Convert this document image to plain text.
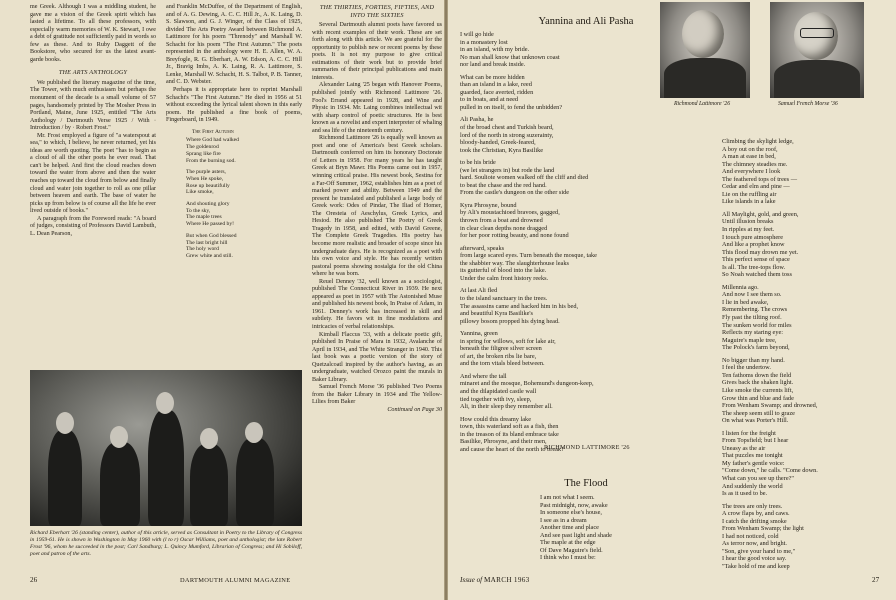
me Greek. Although I was a middling student, he gave me a vision of the Greek spirit which has lasted a lifetime. To all these professors, with especially warm memories of W. K. Stewart, I owe a debt of gratitude not sufficiently paid in words so few as these. And to Ruby Daggett of the Bookstore, who secured for us the latest avant-garde books.

THE ARTS ANTHOLOGY

We published the literary magazine of the time, The Tower, with much enthusiasm but perhaps the monument of the decade is a small volume of 57 pages, handsomely printed by The Mosher Press in Portland, Maine, June 1925, entitled "The Arts Anthology / Dartmouth Verse 1925 / With · Introduction / by · Robert Frost."

Mr. Frost employed a figure of "a waterspout at sea," to which, I believe, he never returned, yet his ideas are worth quoting. The poet "has to begin as a cloud of all the other poets he ever read. That can't be helped. And first the cloud reaches down toward the water from above and then the water reaches up toward the cloud from below and finally cloud and water join together to roll as one pillar between heaven and earth. The base of water he picks up from below is of course all the life he ever lived outside of books."

A paragraph from the Foreword reads: "A board of judges, consisting of Professors David Lambuth, L. Dean Pearson,

and Franklin McDuffee, of the Department of English, and of A. G. Dewing, A. C. C. Hill Jr., A. K. Laing, D. S. Slawson, and G. J. Winger, of the Class of 1925, divided The Arts Poetry Award between Richmond A. Lattimore for his poem "Threnody" and Marshall W. Schacht for his poem "The First Autumn." The poets represented in the anthology were H. E. Allen, W. A. Breyfogle, R. G. Eberhart, A. W. Edson, A. C. C. Hill Jr., Bravig Imbs, A. K. Laing, R. A. Lattimore, S. Lenke, Marshall W. Schacht, H. S. Talbot, P. B. Tanner, and C. D. Webster.

Perhaps it is appropriate here to reprint Marshall Schacht's "The First Autumn." He died in 1956 at 51 without exceeding the lyrical talent shown in this early poem. He published a fine book of poems, Fingerboard, in 1949.

The First Autumn
Where God had walked
The goldenrod
Sprang like fire
From the burning sod.
The purple asters,
When He spoke,
Rose up beautifully
Like smoke,
And shouting glory
To the sky,
The maple trees
Where He passed by!
But when God blessed
The last bright hill
The holy word
Grew white and still.

THE THIRTIES, FORTIES, FIFTIES, AND INTO THE SIXTIES

Several Dartmouth alumni poets have favored us with recent examples of their work. These are set forth along with this article. We are grateful for the opportunity to publish new or recent poems by these poets. It is not my purpose to give critical estimations of their work but to provide brief summaries of their principal publications and main interests.

Alexander Laing '25 began with Hanover Poems, published jointly with Richmond Lattimore '26. Fool's Errand appeared in 1928, and Wine and Physic in 1934. Mr. Laing combines intellectual wit with sharp control of poetic structures. He is best known as a novelist and expert interpreter of whaling and sea life of the nineteenth century.

Richmond Lattimore '26 is equally well known as poet and one of America's best Greek scholars. Dartmouth conferred on him its honorary Doctorate of Letters in 1958. For many years he has taught Greek at Bryn Mawr. His Poems came out in 1957, winning critical praise. His newest book, Sestina for a Far-Off Summer, 1962, establishes him as a poet of marked power and ability. Between 1949 and the present he translated and published a large body of Greek work: Odes of Pindar, The Iliad of Homer, The Oresteia of Aeschylus, Greek Lyrics, and Hesiod. He also published The Poetry of Greek Tragedy in 1958, and edited, with David Greene, The Complete Greek Tragedies. His poetry has become more realistic and broader of scope since his undergraduate days. He is recognized as a poet with his own voice and style. He has recently written pastoral poems showing nostalgia for the old China where he was born.

Reuel Denney '32, well known as a sociologist, published The Connecticut River in 1939. He next appeared as poet in 1957 with The Astonished Muse and published his newest book, In Praise of Adam, in 1961. Denney's work has increased in skill and subtlety. He favors wit in fine modulations and intricacies of verbal relationships.

Kimball Flaccus '33, with a delicate poetic gift, published In Praise of Mara in 1932, Avalanche of April in 1934, and The White Stranger in 1940. This last book was a poetic version of the story of Quetzalcoatl inspired by the author's having, as an undergraduate, watched Orozco paint the murals in Baker Library.

Samuel French Morse '36 published Two Poems from the Baker Library in 1934 and The Yellow-Lilies from Baker

Continued on Page 30

Richard Eberhart '26 (standing center), author of this article, served as Consultant in Poetry to the Library of Congress in 1959-61. He is shown in Washington in May 1960 with (l to r) Oscar Williams, poet and anthologist; the late Robert Frost '96, whom he succeeded in the post; Carl Sandburg; L. Quincy Mumford, Librarian of Congress; and Hi Sobiloff, poet and patron of the arts.
26	DARTMOUTH ALUMNI MAGAZINE
Yannina and Ali Pasha
I will go hide
in a monastery lost
in an island, with my bride.
No man shall know that unknown coast
nor land and break inside.
What can be more hidden
than an island in a lake, reed
guarded, face averted, ridden
to in boats, and at need
pulled in on itself, to fend the unbidden?
Ali Pasha, he
of the broad chest and Turkish beard,
lord of the north in strong suzerainty,
bloody-handed, Greek-feared,
took the Christian, Kyra Basilike
to be his bride
(we let strangers in) but rode the land
hard. Souliote women walked off the cliff and died
to beat the chase and the red hand.
From the castle's dungeon on the other side
Kyra Phrosyne, bound
by Ali's moustachioed bravoes, gagged,
thrown from a boat and drowned
in clear clean depths none dragged
for her poor rotting beauty, and none found
afterward, speaks
from large scared eyes. Turn beneath the mosque, take
the shabbier way. The slaughterhouse leaks
its gutterful of blood into the lake.
Under the calm front history reeks.
At last Ali fled
to the island sanctuary in the trees.
The assassins came and hacked him in his bed,
and beautiful Kyra Basilike's
pillowy bosom propped his dying head.
Yannina, green
in spring for willows, soft for lake air,
beneath the filigree silver screen
of art, the broken ribs lie bare,
and the torn vitals bleed between.
And where the tall
minaret and the mosque, Bohemund's dungeon-keep,
and the dilapidated castle wall
tied together with ivy, sleep,
Ali, in their sleep they remember all.
How could this dreamy lake
town, this waterland soft as a fish, then
in the treason of its bland embrace take
Basilike, Phrosyne, and their men,
and cause the heart of the north to break?
RICHMOND LATTIMORE '26
Richmond Lattimore '26	Samuel French Morse '36
The Flood
I am not what I seem.
Past midnight, now, awake
In someone else's house,
I see as in a dream
Another time and place
And see past light and shade
The maple at the edge
Of Dave Maguire's field.
I think who I must be:
Climbing the skylight ledge,
A boy out on the roof,
A man at ease in bed,
The chimney steadies me.
And everywhere I look
The feathered tops of trees —
Cedar and elm and pine —
Lie on the ruffling air
Like islands in a lake
All Maylight, gold, and green,
Until illusion breaks
In ripples at my feet.
I touch pure atmosphere
And like a prophet know
This flood may drown me yet.
This perfect sense of space
Is all. The tree-tops flow.
So Noah watched them toss
Millennia ago.
And now I see them so.
I lie in bed awake,
Remembering. The crows
Fly past the tilting roof.
The sunken world for miles
Reflects my staring eye:
Maguire's maple tree,
The Polock's farm beyond,
No bigger than my hand.
I feel the undertow.
Ten fathoms down the field
Gives back the shaken light.
Like smoke the currents lift,
Grow thin and blue and fade
From Wenham Swamp; and drowned,
The sheep seem still to graze
On what was Porter's Hill.
I listen for the freight
From Topsfield; but I hear
Uneasy as the air
That puzzles me tonight
My father's gentle voice:
"Come down," he calls. "Come down.
What can you see up there?"
And suddenly the world
Is as it used to be.
The trees are only trees.
A crow flaps by, and caws.
I catch the drifting smoke
From Wenham Swamp; the light
I had not noticed, cold
As terror now, and bright.
"Son, give your hand to me,"
I hear the good voice say.
"Take hold of me and keep
Issue of MARCH 1963	27
